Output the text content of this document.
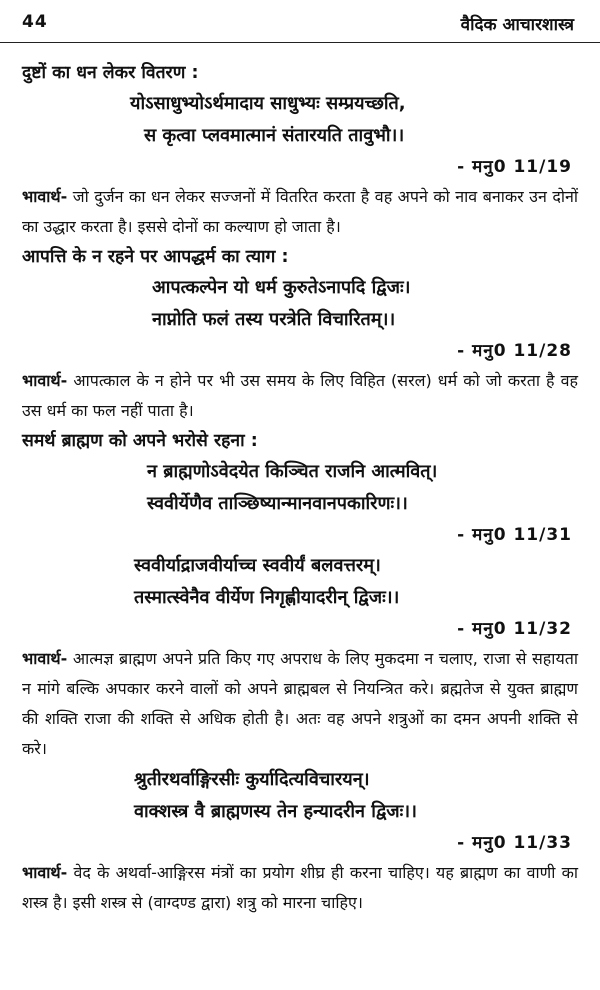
44	वैदिक आचारशास्त्र
दुष्टों का धन लेकर वितरण :
योऽसाधुभ्योऽर्थमादाय साधुभ्यः सम्प्रयच्छति,
स कृत्वा प्लवमात्मानं संतारयति तावुभौ।।
- मनु0 11/19
भावार्थ- जो दुर्जन का धन लेकर सज्जनों में वितरित करता है वह अपने को नाव बनाकर उन दोनों का उद्धार करता है। इससे दोनों का कल्याण हो जाता है।
आपत्ति के न रहने पर आपद्धर्म का त्याग :
आपत्कल्पेन यो धर्म कुरुतेऽनापदि द्विजः।
नाप्नोति फलं तस्य परत्रेति विचारितम्।।
- मनु0 11/28
भावार्थ- आपत्काल के न होने पर भी उस समय के लिए विहित (सरल) धर्म को जो करता है वह उस धर्म का फल नहीं पाता है।
समर्थ ब्राह्मण को अपने भरोसे रहना :
न ब्राह्मणोऽवेदयेत किञ्चित राजनि आत्मवित्।
स्ववीर्येणैव ताञ्छिष्यान्मानवानपकारिणः।।
- मनु0 11/31
स्ववीर्याद्राजवीर्याच्च स्ववीर्यं बलवत्तरम्।
तस्मात्स्वेनैव वीर्येण निगृह्णीयादरीन् द्विजः।।
- मनु0 11/32
भावार्थ- आत्मज्ञ ब्राह्मण अपने प्रति किए गए अपराध के लिए मुकदमा न चलाए, राजा से सहायता न मांगे बल्कि अपकार करने वालों को अपने ब्राह्मबल से नियन्त्रित करे। ब्रह्मतेज से युक्त ब्राह्मण की शक्ति राजा की शक्ति से अधिक होती है। अतः वह अपने शत्रुओं का दमन अपनी शक्ति से करे।
श्रुतीरथर्वाङ्गिरसीः कुर्यादित्यविचारयन्।
वाक्शस्त्र वै ब्राह्मणस्य तेन हन्यादरीन द्विजः।।
- मनु0 11/33
भावार्थ- वेद के अथर्वा-आङ्गिरस मंत्रों का प्रयोग शीघ्र ही करना चाहिए। यह ब्राह्मण का वाणी का शस्त्र है। इसी शस्त्र से (वाग्दण्ड द्वारा) शत्रु को मारना चाहिए।
